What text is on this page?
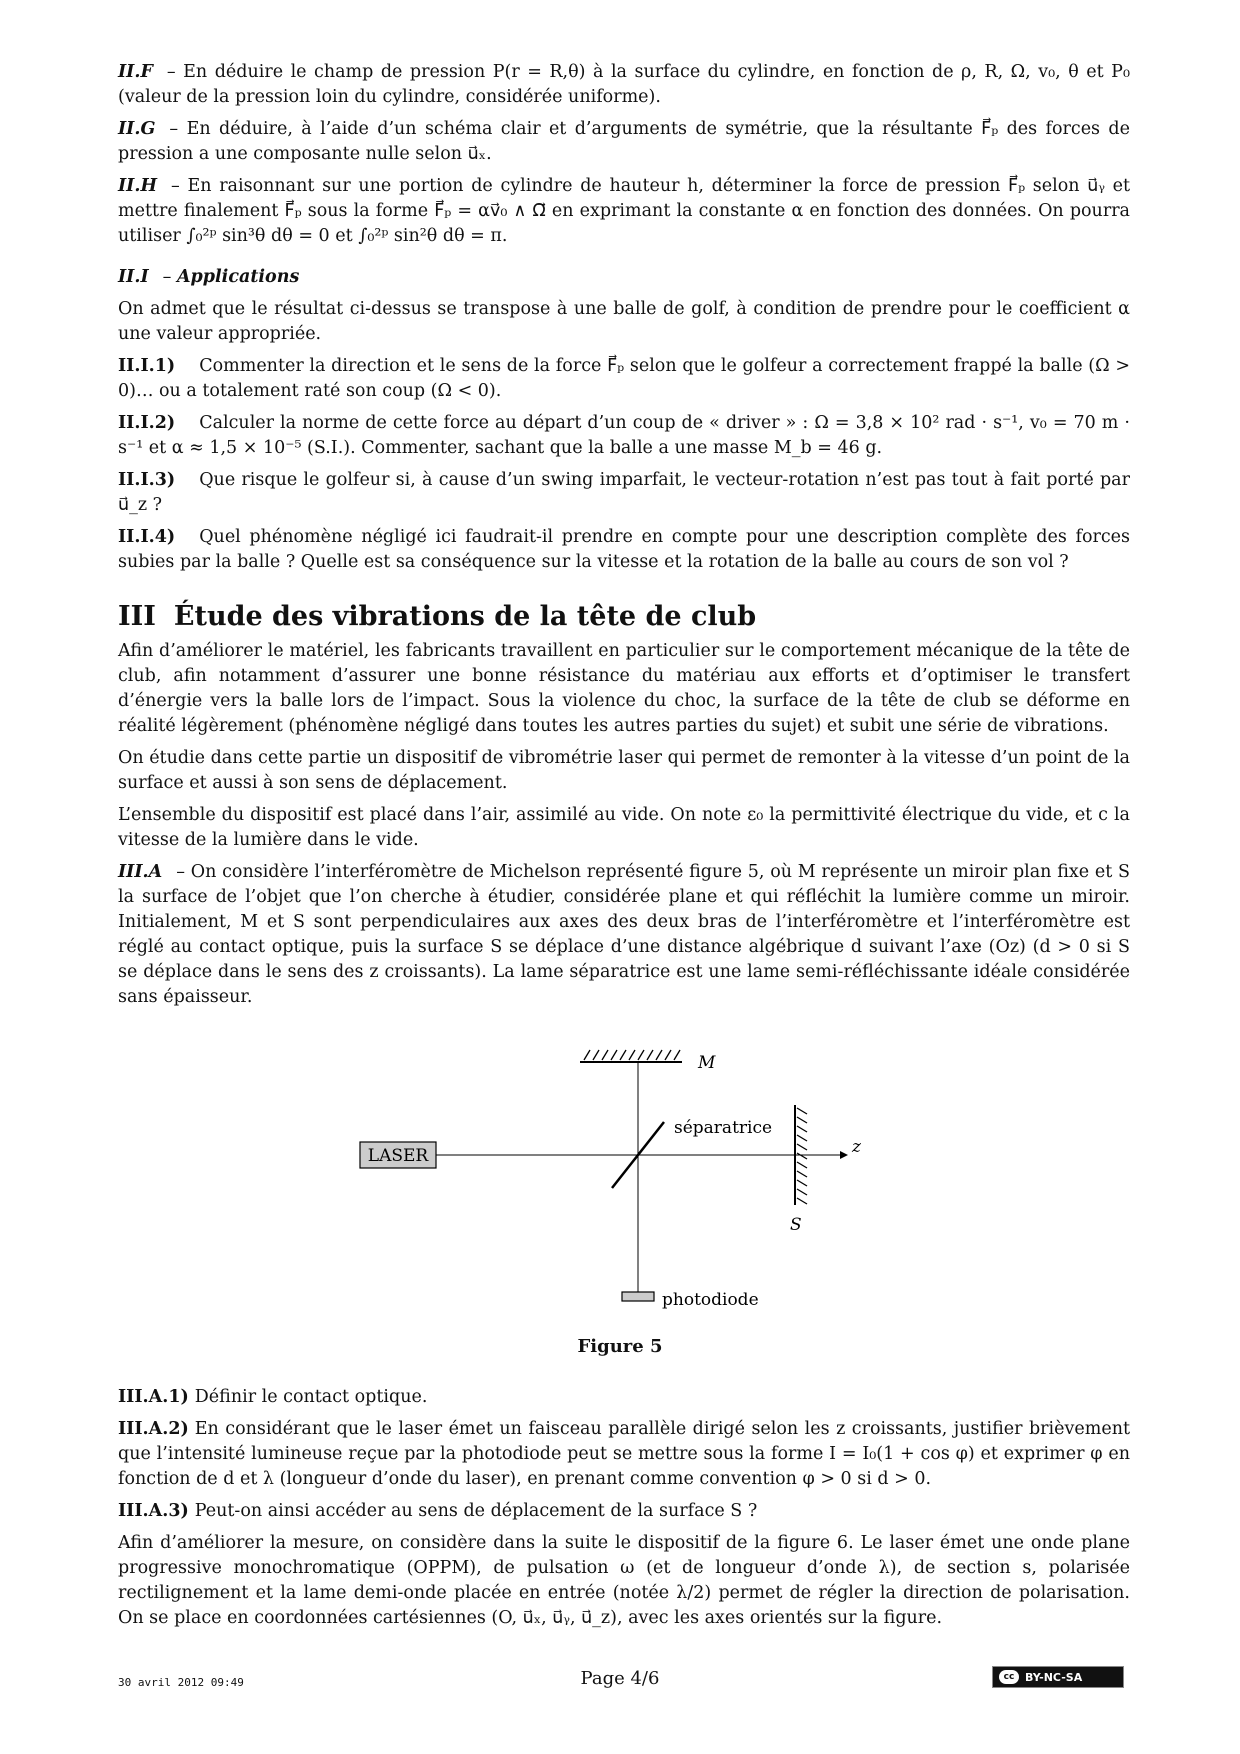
II.F – En déduire le champ de pression P(r = R,θ) à la surface du cylindre, en fonction de ρ, R, Ω, v₀, θ et P₀ (valeur de la pression loin du cylindre, considérée uniforme).

II.G – En déduire, à l’aide d’un schéma clair et d’arguments de symétrie, que la résultante F⃗ₚ des forces de pression a une composante nulle selon u⃗ₓ.

II.H – En raisonnant sur une portion de cylindre de hauteur h, déterminer la force de pression F⃗ₚ selon u⃗ᵧ et mettre finalement F⃗ₚ sous la forme F⃗ₚ = αv⃗₀ ∧ Ω⃗ en exprimant la constante α en fonction des données. On pourra utiliser ∫₀²ᵖ sin³θ dθ = 0 et ∫₀²ᵖ sin²θ dθ = π.

II.I – Applications

On admet que le résultat ci-dessus se transpose à une balle de golf, à condition de prendre pour le coefficient α une valeur appropriée.

II.I.1) Commenter la direction et le sens de la force F⃗ₚ selon que le golfeur a correctement frappé la balle (Ω > 0)… ou a totalement raté son coup (Ω < 0).

II.I.2) Calculer la norme de cette force au départ d’un coup de « driver » : Ω = 3,8 × 10² rad · s⁻¹, v₀ = 70 m · s⁻¹ et α ≈ 1,5 × 10⁻⁵ (S.I.). Commenter, sachant que la balle a une masse M_b = 46 g.

II.I.3) Que risque le golfeur si, à cause d’un swing imparfait, le vecteur-rotation n’est pas tout à fait porté par u⃗_z ?

II.I.4) Quel phénomène négligé ici faudrait-il prendre en compte pour une description complète des forces subies par la balle ? Quelle est sa conséquence sur la vitesse et la rotation de la balle au cours de son vol ?

III Étude des vibrations de la tête de club

Afin d’améliorer le matériel, les fabricants travaillent en particulier sur le comportement mécanique de la tête de club, afin notamment d’assurer une bonne résistance du matériau aux efforts et d’optimiser le transfert d’énergie vers la balle lors de l’impact. Sous la violence du choc, la surface de la tête de club se déforme en réalité légèrement (phénomène négligé dans toutes les autres parties du sujet) et subit une série de vibrations.

On étudie dans cette partie un dispositif de vibrométrie laser qui permet de remonter à la vitesse d’un point de la surface et aussi à son sens de déplacement.

L’ensemble du dispositif est placé dans l’air, assimilé au vide. On note ε₀ la permittivité électrique du vide, et c la vitesse de la lumière dans le vide.

III.A – On considère l’interféromètre de Michelson représenté figure 5, où M représente un miroir plan fixe et S la surface de l’objet que l’on cherche à étudier, considérée plane et qui réfléchit la lumière comme un miroir. Initialement, M et S sont perpendiculaires aux axes des deux bras de l’interféromètre et l’interféromètre est réglé au contact optique, puis la surface S se déplace d’une distance algébrique d suivant l’axe (Oz) (d > 0 si S se déplace dans le sens des z croissants). La lame séparatrice est une lame semi-réfléchissante idéale considérée sans épaisseur.

LASER	z
M
séparatrice
S
photodiode
Figure 5

III.A.1) Définir le contact optique.

III.A.2) En considérant que le laser émet un faisceau parallèle dirigé selon les z croissants, justifier brièvement que l’intensité lumineuse reçue par la photodiode peut se mettre sous la forme I = I₀(1 + cos φ) et exprimer φ en fonction de d et λ (longueur d’onde du laser), en prenant comme convention φ > 0 si d > 0.

III.A.3) Peut-on ainsi accéder au sens de déplacement de la surface S ?

Afin d’améliorer la mesure, on considère dans la suite le dispositif de la figure 6. Le laser émet une onde plane progressive monochromatique (OPPM), de pulsation ω (et de longueur d’onde λ), de section s, polarisée rectilignement et la lame demi-onde placée en entrée (notée λ/2) permet de régler la direction de polarisation. On se place en coordonnées cartésiennes (O, u⃗ₓ, u⃗ᵧ, u⃗_z), avec les axes orientés sur la figure.

30 avril 2012 09:49	Page 4/6	cc BY-NC-SA
